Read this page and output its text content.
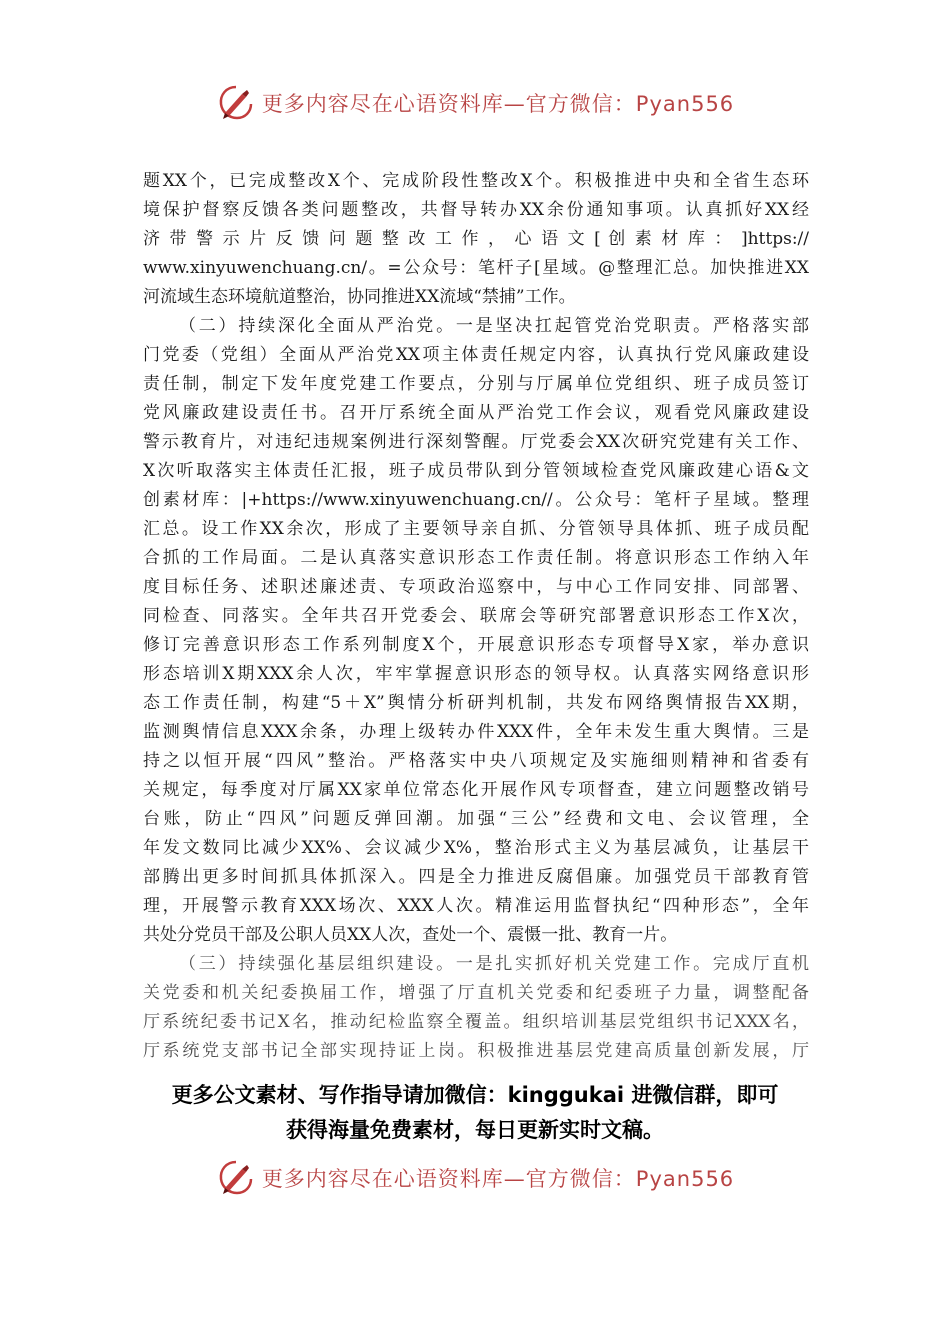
更多内容尽在心语资料库—官方微信：Pyan556
题XX个，已完成整改X个、完成阶段性整改X个。积极推进中央和全省生态环
境保护督察反馈各类问题整改，共督导转办XX余份通知事项。认真抓好XX经
济 带 警 示 片 反 馈 问 题 整 改 工 作 ， 心 语 文 [ 创 素 材 库 ： ]https://
www.xinyuwenchuang.cn/。=公众号：笔杆子[星域。@整理汇总。加快推进XX
河流域生态环境航道整治，协同推进XX流域“禁捕”工作。
（二）持续深化全面从严治党。一是坚决扛起管党治党职责。严格落实部
门党委（党组）全面从严治党XX项主体责任规定内容，认真执行党风廉政建设
责任制，制定下发年度党建工作要点，分别与厅属单位党组织、班子成员签订
党风廉政建设责任书。召开厅系统全面从严治党工作会议，观看党风廉政建设
警示教育片，对违纪违规案例进行深刻警醒。厅党委会XX次研究党建有关工作、
X次听取落实主体责任汇报，班子成员带队到分管领域检查党风廉政建心语&文
创素材库：|+https://www.xinyuwenchuang.cn//。公众号：笔杆子星域。整理
汇总。设工作XX余次，形成了主要领导亲自抓、分管领导具体抓、班子成员配
合抓的工作局面。二是认真落实意识形态工作责任制。将意识形态工作纳入年
度目标任务、述职述廉述责、专项政治巡察中，与中心工作同安排、同部署、
同检查、同落实。全年共召开党委会、联席会等研究部署意识形态工作X次，
修订完善意识形态工作系列制度X个，开展意识形态专项督导X家，举办意识
形态培训X期XXX余人次，牢牢掌握意识形态的领导权。认真落实网络意识形
态工作责任制，构建“5＋X”舆情分析研判机制，共发布网络舆情报告XX期，
监测舆情信息XXX余条，办理上级转办件XXX件，全年未发生重大舆情。三是
持之以恒开展“四风”整治。严格落实中央八项规定及实施细则精神和省委有
关规定，每季度对厅属XX家单位常态化开展作风专项督查，建立问题整改销号
台账，防止“四风”问题反弹回潮。加强“三公”经费和文电、会议管理，全
年发文数同比减少XX%、会议减少X%，整治形式主义为基层减负，让基层干
部腾出更多时间抓具体抓深入。四是全力推进反腐倡廉。加强党员干部教育管
理，开展警示教育XXX场次、XXX人次。精准运用监督执纪“四种形态”，全年
共处分党员干部及公职人员XX人次，查处一个、震慑一批、教育一片。
（三）持续强化基层组织建设。一是扎实抓好机关党建工作。完成厅直机
关党委和机关纪委换届工作，增强了厅直机关党委和纪委班子力量，调整配备
厅系统纪委书记X名，推动纪检监察全覆盖。组织培训基层党组织书记XXX名，
厅系统党支部书记全部实现持证上岗。积极推进基层党建高质量创新发展，厅
更多公文素材、写作指导请加微信：kinggukai 进微信群，即可
获得海量免费素材，每日更新实时文稿。
更多内容尽在心语资料库—官方微信：Pyan556
